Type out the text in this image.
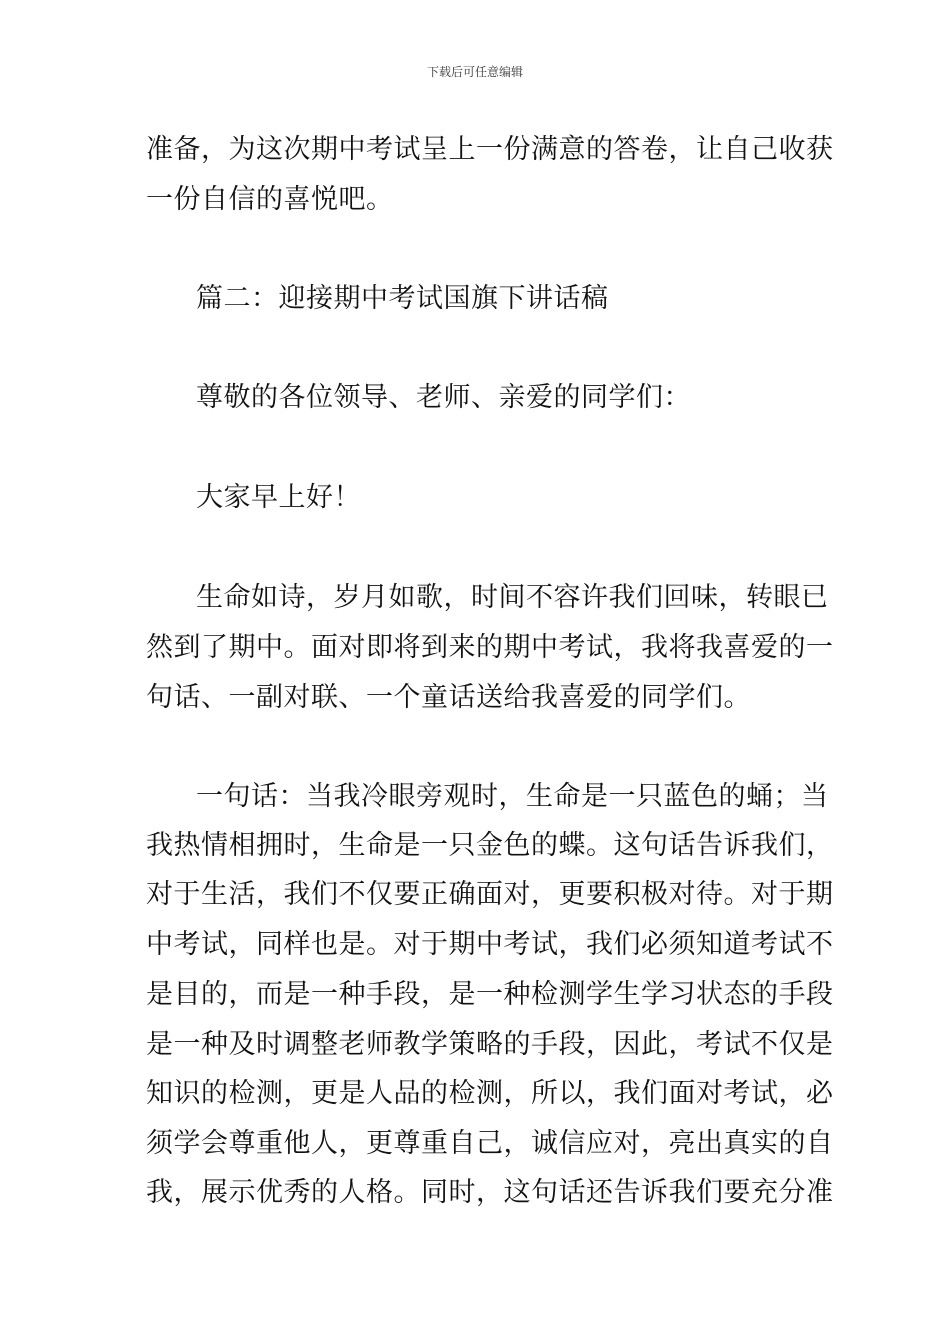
下载后可任意编辑
准备，为这次期中考试呈上一份满意的答卷，让自己收获
一份自信的喜悦吧。
篇二：迎接期中考试国旗下讲话稿
尊敬的各位领导、老师、亲爱的同学们：
大家早上好！
生命如诗，岁月如歌，时间不容许我们回味，转眼已
然到了期中。面对即将到来的期中考试，我将我喜爱的一
句话、一副对联、一个童话送给我喜爱的同学们。
一句话：当我冷眼旁观时，生命是一只蓝色的蛹；当
我热情相拥时，生命是一只金色的蝶。这句话告诉我们，
对于生活，我们不仅要正确面对，更要积极对待。对于期
中考试，同样也是。对于期中考试，我们必须知道考试不
是目的，而是一种手段，是一种检测学生学习状态的手段
是一种及时调整老师教学策略的手段，因此，考试不仅是
知识的检测，更是人品的检测，所以，我们面对考试，必
须学会尊重他人，更尊重自己，诚信应对，亮出真实的自
我，展示优秀的人格。同时，这句话还告诉我们要充分准
